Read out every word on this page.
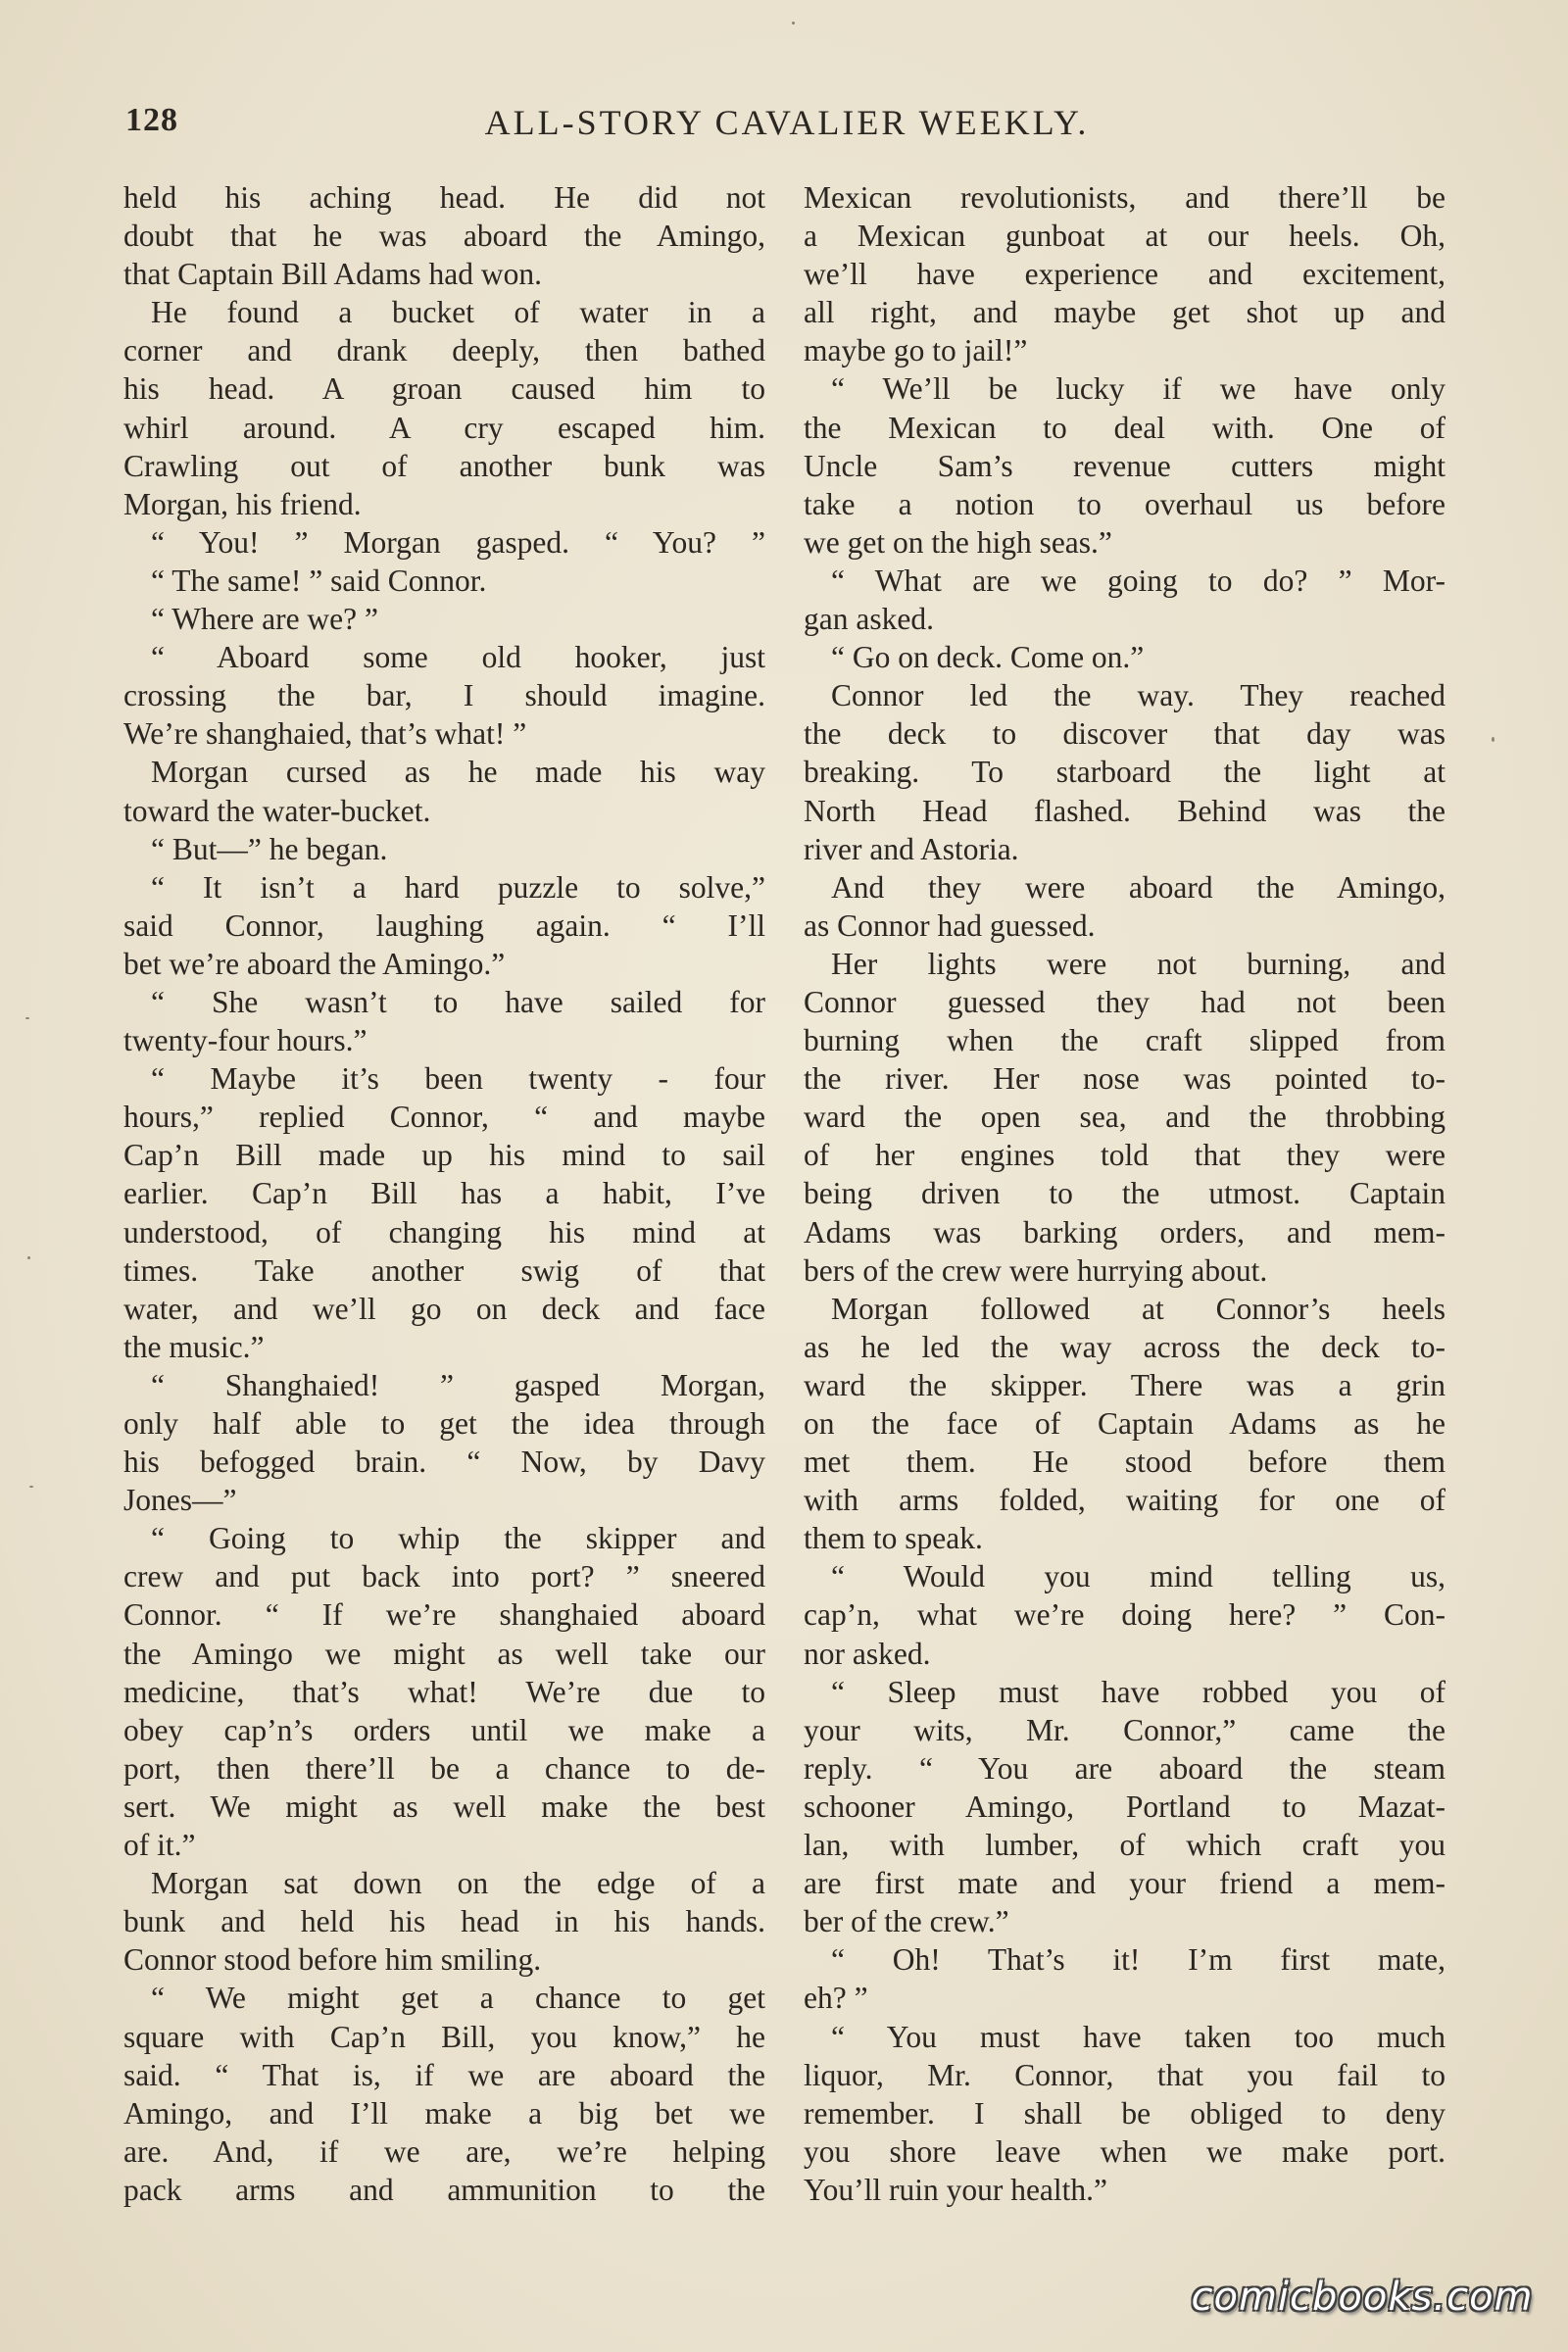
128	ALL-STORY CAVALIER WEEKLY.
held his aching head. He did not
doubt that he was aboard the Amingo,
that Captain Bill Adams had won.
He found a bucket of water in a
corner and drank deeply, then bathed
his head. A groan caused him to
whirl around. A cry escaped him.
Crawling out of another bunk was
Morgan, his friend.
“ You! ” Morgan gasped. “ You? ”
“ The same! ” said Connor.
“ Where are we? ”
“ Aboard some old hooker, just
crossing the bar, I should imagine.
We’re shanghaied, that’s what! ”
Morgan cursed as he made his way
toward the water-bucket.
“ But—” he began.
“ It isn’t a hard puzzle to solve,”
said Connor, laughing again. “ I’ll
bet we’re aboard the Amingo.”
“ She wasn’t to have sailed for
twenty-four hours.”
“ Maybe it’s been twenty - four
hours,” replied Connor, “ and maybe
Cap’n Bill made up his mind to sail
earlier. Cap’n Bill has a habit, I’ve
understood, of changing his mind at
times. Take another swig of that
water, and we’ll go on deck and face
the music.”
“ Shanghaied! ” gasped Morgan,
only half able to get the idea through
his befogged brain. “ Now, by Davy
Jones—”
“ Going to whip the skipper and
crew and put back into port? ” sneered
Connor. “ If we’re shanghaied aboard
the Amingo we might as well take our
medicine, that’s what! We’re due to
obey cap’n’s orders until we make a
port, then there’ll be a chance to de-
sert. We might as well make the best
of it.”
Morgan sat down on the edge of a
bunk and held his head in his hands.
Connor stood before him smiling.
“ We might get a chance to get
square with Cap’n Bill, you know,” he
said. “ That is, if we are aboard the
Amingo, and I’ll make a big bet we
are. And, if we are, we’re helping
pack arms and ammunition to the
Mexican revolutionists, and there’ll be
a Mexican gunboat at our heels. Oh,
we’ll have experience and excitement,
all right, and maybe get shot up and
maybe go to jail!”
“ We’ll be lucky if we have only
the Mexican to deal with. One of
Uncle Sam’s revenue cutters might
take a notion to overhaul us before
we get on the high seas.”
“ What are we going to do? ” Mor-
gan asked.
“ Go on deck. Come on.”
Connor led the way. They reached
the deck to discover that day was
breaking. To starboard the light at
North Head flashed. Behind was the
river and Astoria.
And they were aboard the Amingo,
as Connor had guessed.
Her lights were not burning, and
Connor guessed they had not been
burning when the craft slipped from
the river. Her nose was pointed to-
ward the open sea, and the throbbing
of her engines told that they were
being driven to the utmost. Captain
Adams was barking orders, and mem-
bers of the crew were hurrying about.
Morgan followed at Connor’s heels
as he led the way across the deck to-
ward the skipper. There was a grin
on the face of Captain Adams as he
met them. He stood before them
with arms folded, waiting for one of
them to speak.
“ Would you mind telling us,
cap’n, what we’re doing here? ” Con-
nor asked.
“ Sleep must have robbed you of
your wits, Mr. Connor,” came the
reply. “ You are aboard the steam
schooner Amingo, Portland to Mazat-
lan, with lumber, of which craft you
are first mate and your friend a mem-
ber of the crew.”
“ Oh! That’s it! I’m first mate,
eh? ”
“ You must have taken too much
liquor, Mr. Connor, that you fail to
remember. I shall be obliged to deny
you shore leave when we make port.
You’ll ruin your health.”
comicbooks.com
